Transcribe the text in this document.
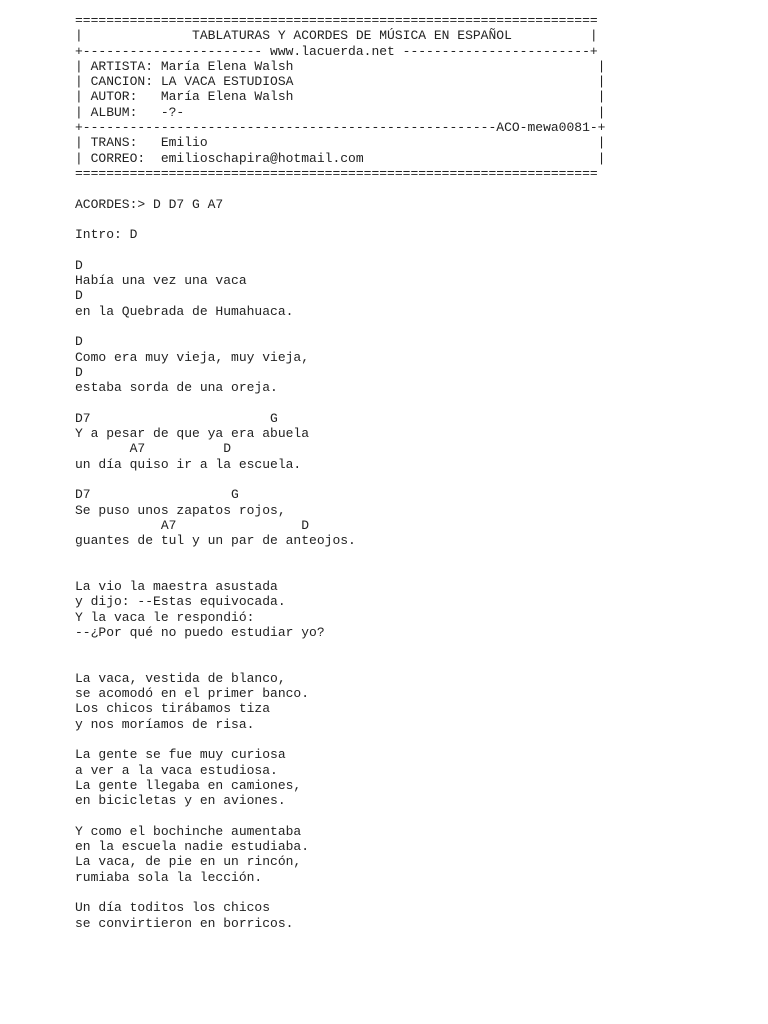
===================================================================
|              TABLATURAS Y ACORDES DE MÚSICA EN ESPAÑOL          |
+----------------------- www.lacuerda.net ------------------------+
| ARTISTA: María Elena Walsh                                       |
| CANCION: LA VACA ESTUDIOSA                                       |
| AUTOR:   María Elena Walsh                                       |
| ALBUM:   -?-                                                     |
+-----------------------------------------------------ACO-mewa0081-+
| TRANS:   Emilio                                                  |
| CORREO:  emilioschapira@hotmail.com                              |
===================================================================
ACORDES:> D D7 G A7
Intro: D
D
Había una vez una vaca
D
en la Quebrada de Humahuaca.
D
Como era muy vieja, muy vieja,
D
estaba sorda de una oreja.
D7                       G
Y a pesar de que ya era abuela
A7          D
un día quiso ir a la escuela.
D7                  G
Se puso unos zapatos rojos,
A7                D
guantes de tul y un par de anteojos.
La vio la maestra asustada
y dijo: --Estas equivocada.
Y la vaca le respondió:
--¿Por qué no puedo estudiar yo?
La vaca, vestida de blanco,
se acomodó en el primer banco.
Los chicos tirábamos tiza
y nos moríamos de risa.
La gente se fue muy curiosa
a ver a la vaca estudiosa.
La gente llegaba en camiones,
en bicicletas y en aviones.
Y como el bochinche aumentaba
en la escuela nadie estudiaba.
La vaca, de pie en un rincón,
rumiaba sola la lección.
Un día toditos los chicos
se convirtieron en borricos.
